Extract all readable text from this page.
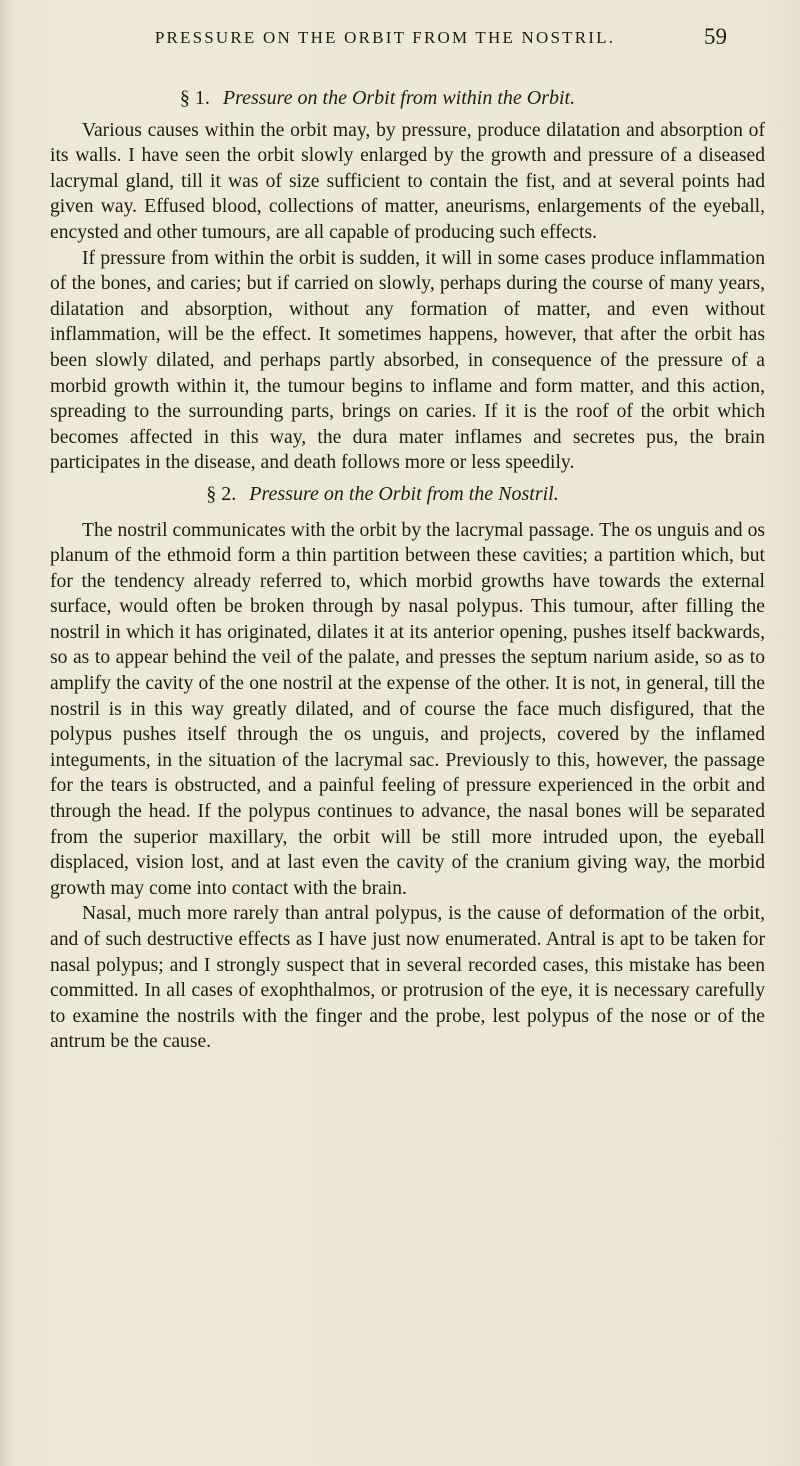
PRESSURE ON THE ORBIT FROM THE NOSTRIL.	59
§ 1. Pressure on the Orbit from within the Orbit.

Various causes within the orbit may, by pressure, produce dilatation and absorption of its walls. I have seen the orbit slowly enlarged by the growth and pressure of a diseased lacrymal gland, till it was of size sufficient to contain the fist, and at several points had given way. Effused blood, collections of matter, aneurisms, enlargements of the eyeball, encysted and other tumours, are all capable of producing such effects.

If pressure from within the orbit is sudden, it will in some cases produce inflammation of the bones, and caries; but if carried on slowly, perhaps during the course of many years, dilatation and absorption, without any formation of matter, and even without inflammation, will be the effect. It sometimes happens, however, that after the orbit has been slowly dilated, and perhaps partly absorbed, in consequence of the pressure of a morbid growth within it, the tumour begins to inflame and form matter, and this action, spreading to the surrounding parts, brings on caries. If it is the roof of the orbit which becomes affected in this way, the dura mater inflames and secretes pus, the brain participates in the disease, and death follows more or less speedily.

§ 2. Pressure on the Orbit from the Nostril.

The nostril communicates with the orbit by the lacrymal passage. The os unguis and os planum of the ethmoid form a thin partition between these cavities; a partition which, but for the tendency already referred to, which morbid growths have towards the external surface, would often be broken through by nasal polypus. This tumour, after filling the nostril in which it has originated, dilates it at its anterior opening, pushes itself backwards, so as to appear behind the veil of the palate, and presses the septum narium aside, so as to amplify the cavity of the one nostril at the expense of the other. It is not, in general, till the nostril is in this way greatly dilated, and of course the face much disfigured, that the polypus pushes itself through the os unguis, and projects, covered by the inflamed integuments, in the situation of the lacrymal sac. Previously to this, however, the passage for the tears is obstructed, and a painful feeling of pressure experienced in the orbit and through the head. If the polypus continues to advance, the nasal bones will be separated from the superior maxillary, the orbit will be still more intruded upon, the eyeball displaced, vision lost, and at last even the cavity of the cranium giving way, the morbid growth may come into contact with the brain.

Nasal, much more rarely than antral polypus, is the cause of deformation of the orbit, and of such destructive effects as I have just now enumerated. Antral is apt to be taken for nasal polypus; and I strongly suspect that in several recorded cases, this mistake has been committed. In all cases of exophthalmos, or protrusion of the eye, it is necessary carefully to examine the nostrils with the finger and the probe, lest polypus of the nose or of the antrum be the cause.
